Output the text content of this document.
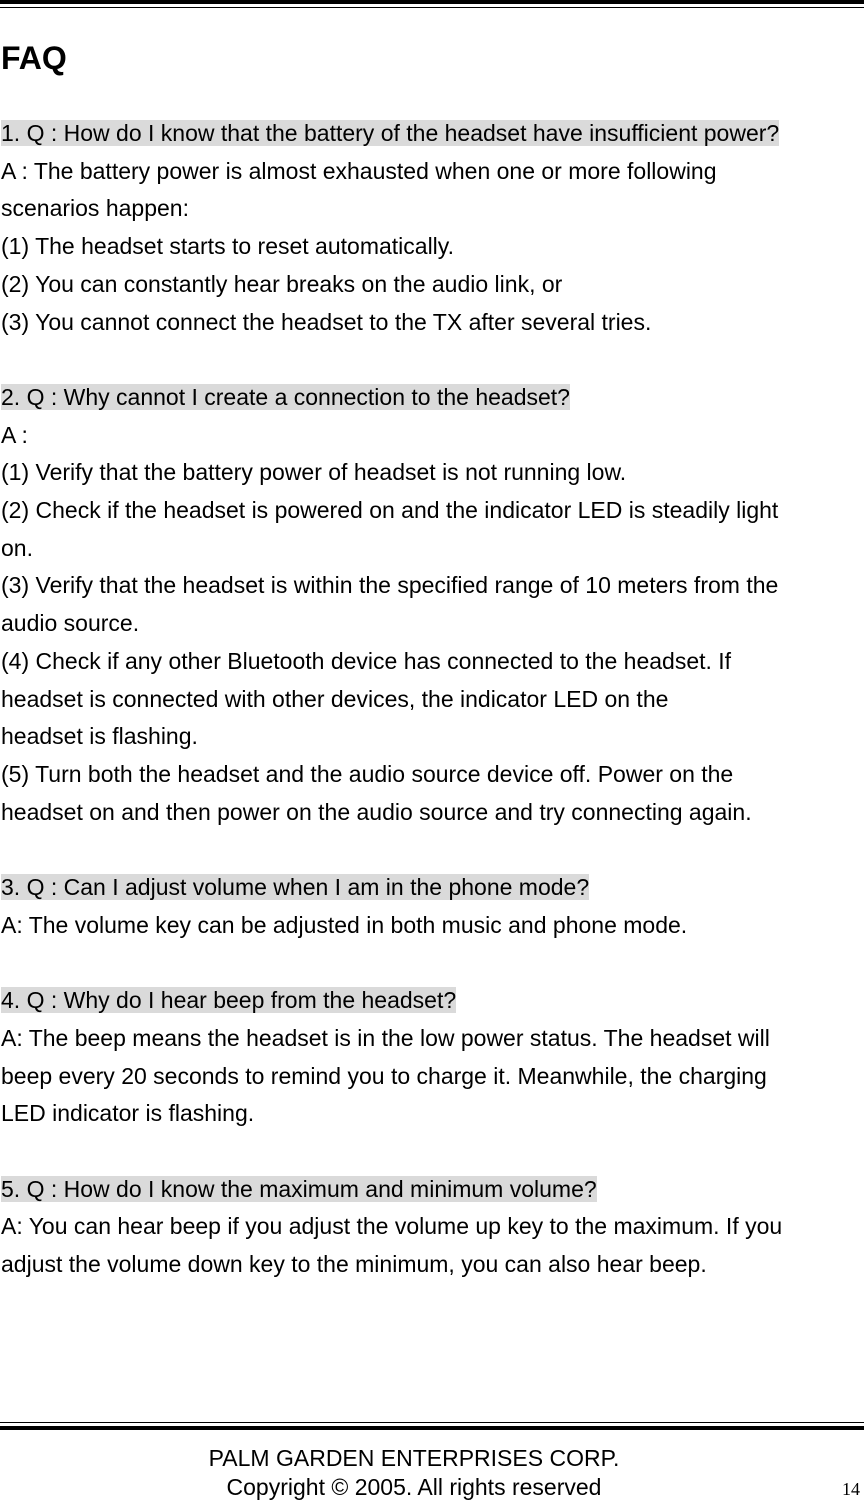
FAQ
1. Q : How do I know that the battery of the headset have insufficient power?
A : The battery power is almost exhausted when one or more following
scenarios happen:
(1) The headset starts to reset automatically.
(2) You can constantly hear breaks on the audio link, or
(3) You cannot connect the headset to the TX after several tries.
2. Q : Why cannot I create a connection to the headset?
A :
(1) Verify that the battery power of headset is not running low.
(2) Check if the headset is powered on and the indicator LED is steadily light
on.
(3) Verify that the headset is within the specified range of 10 meters from the
audio source.
(4) Check if any other Bluetooth device has connected to the headset. If
headset is connected with other devices, the indicator LED on the
headset is flashing.
(5) Turn both the headset and the audio source device off. Power on the
headset on and then power on the audio source and try connecting again.
3. Q : Can I adjust volume when I am in the phone mode?
A: The volume key can be adjusted in both music and phone mode.
4. Q : Why do I hear beep from the headset?
A: The beep means the headset is in the low power status. The headset will
beep every 20 seconds to remind you to charge it. Meanwhile, the charging
LED indicator is flashing.
5. Q : How do I know the maximum and minimum volume?
A: You can hear beep if you adjust the volume up key to the maximum. If you
adjust the volume down key to the minimum, you can also hear beep.
PALM GARDEN ENTERPRISES CORP.
Copyright © 2005. All rights reserved	14
